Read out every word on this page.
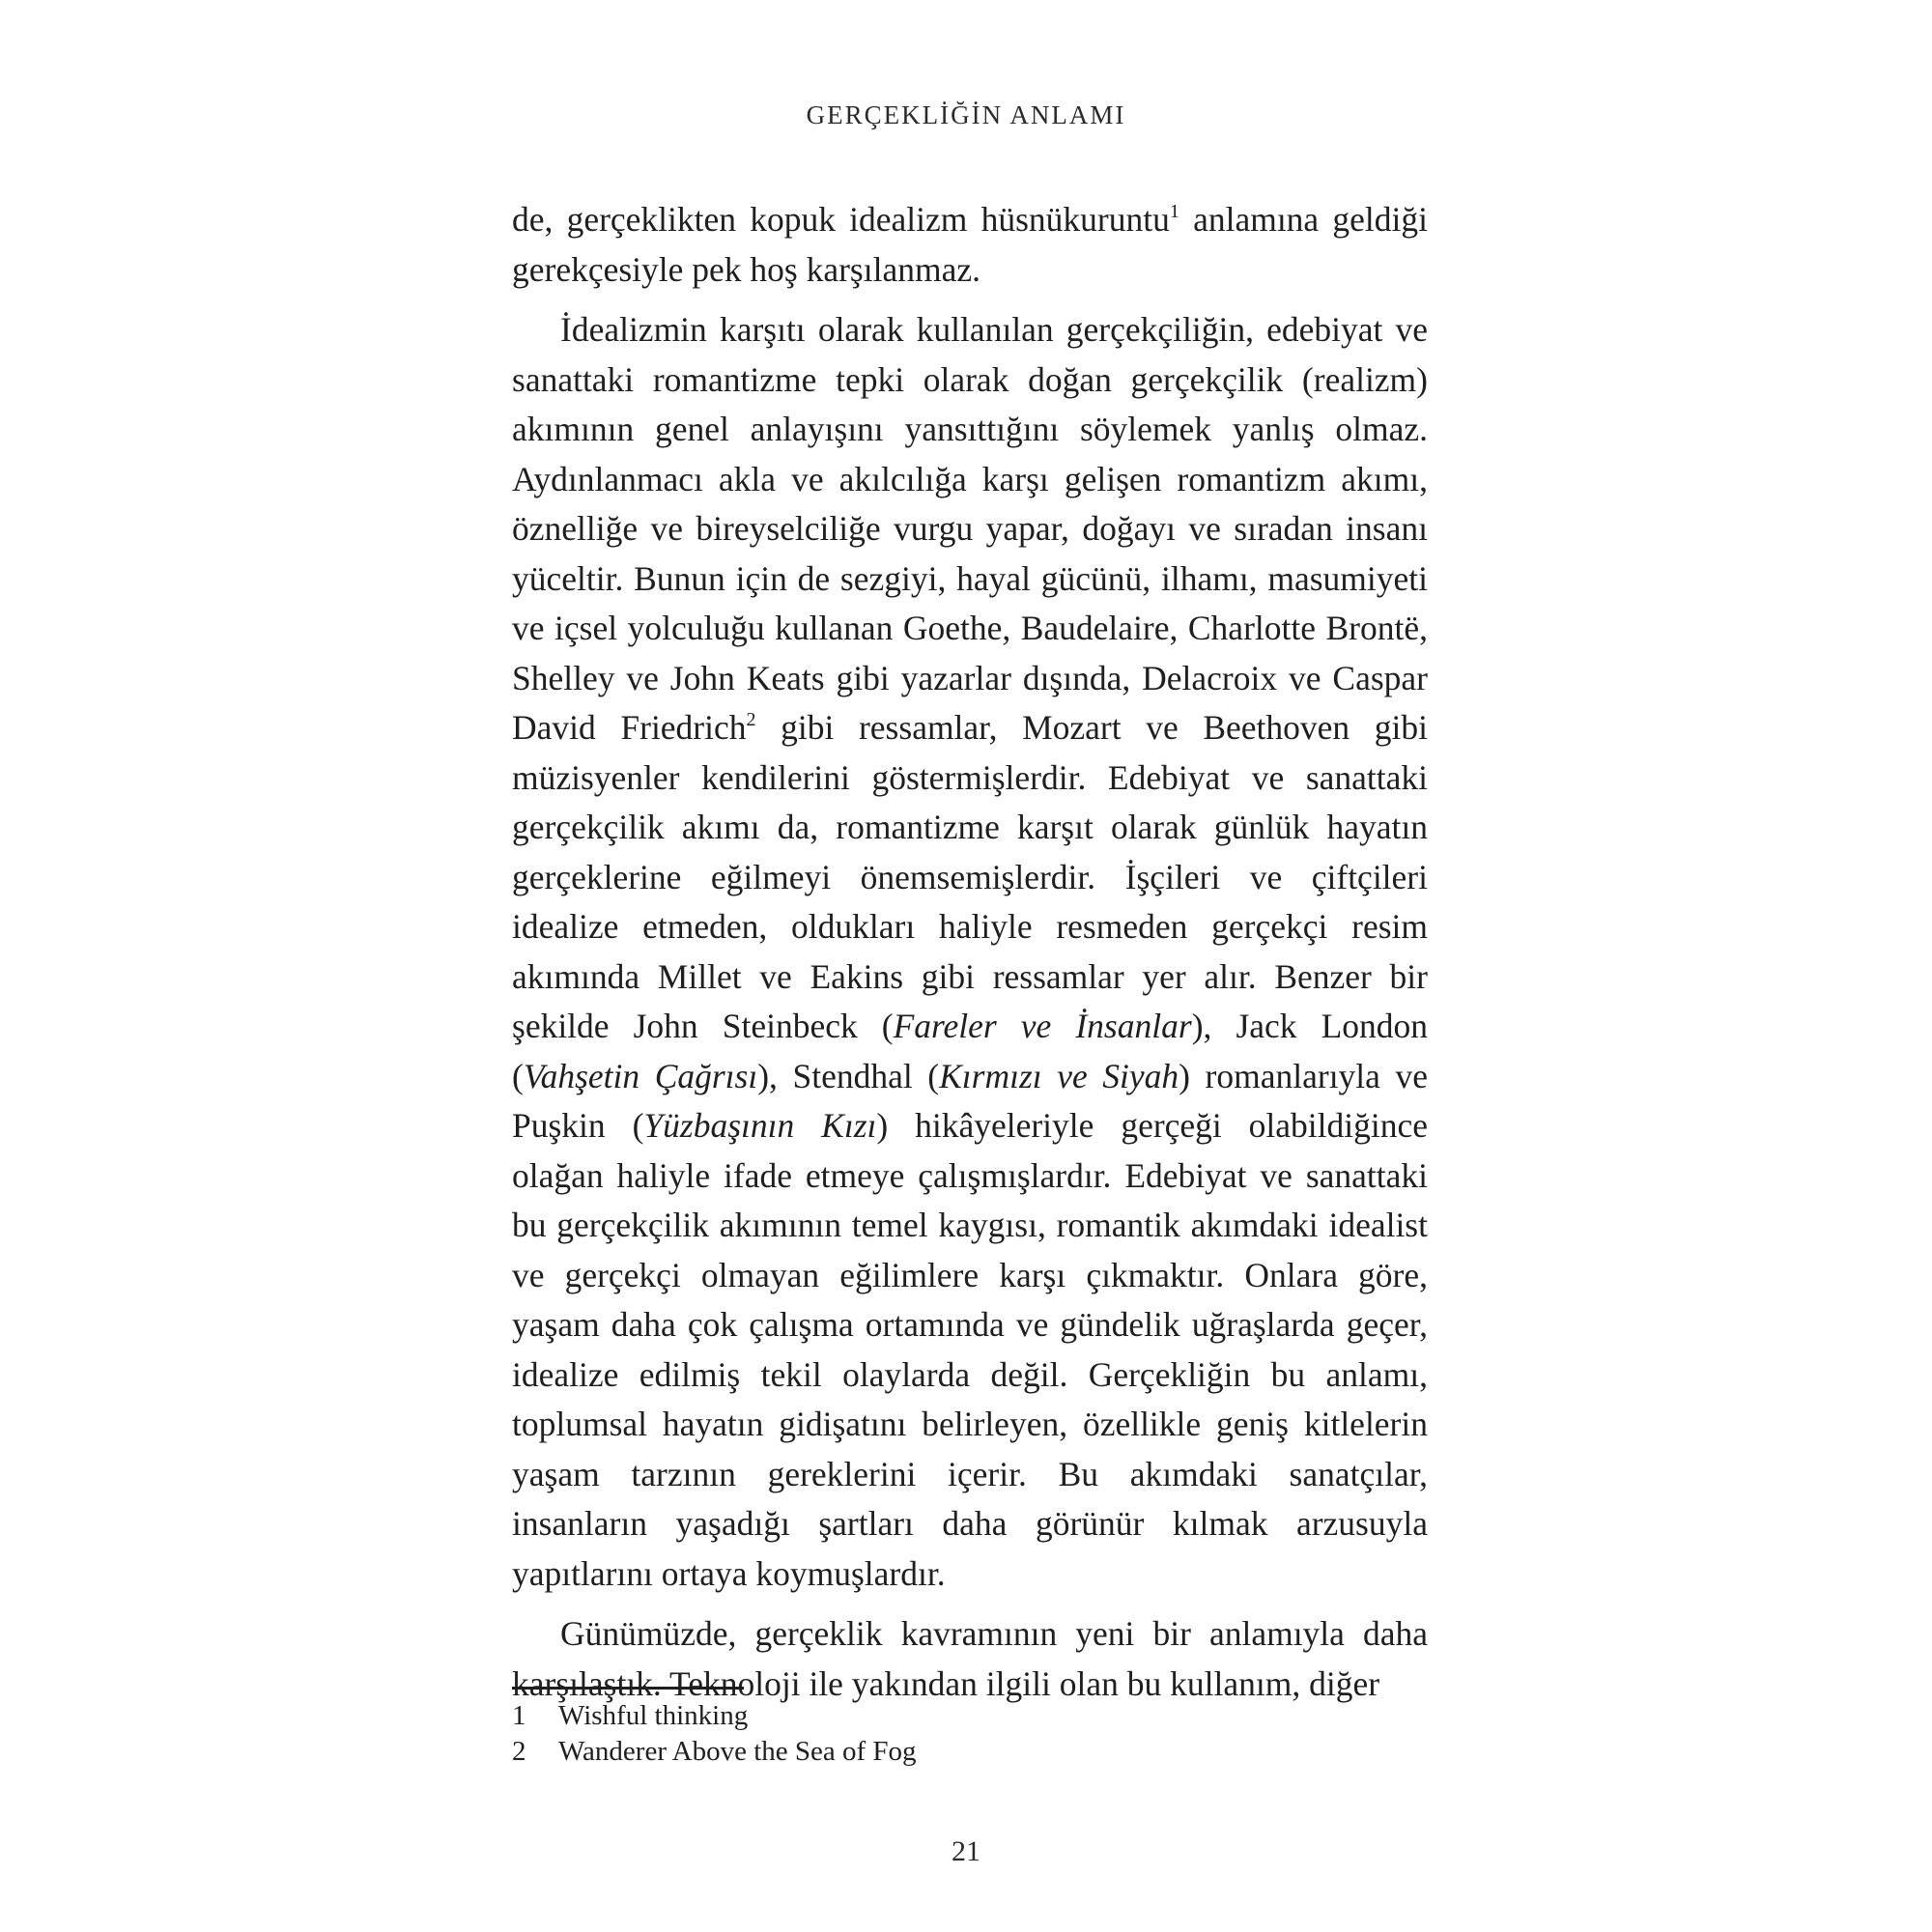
GERÇEKLİĞİN ANLAMI

de, gerçeklikten kopuk idealizm hüsnükuruntu$^1$ anlamına geldiği gerekçesiyle pek hoş karşılanmaz.

İdealizmin karşıtı olarak kullanılan gerçekçiliğin, edebiyat ve sanattaki romantizme tepki olarak doğan gerçekçilik (realizm) akımının genel anlayışını yansıttığını söylemek yanlış olmaz. Aydınlanmacı akla ve akılcılığa karşı gelişen romantizm akımı, öznelliğe ve bireyselciliğe vurgu yapar, doğayı ve sıradan insanı yüceltir. Bunun için de sezgiyi, hayal gücünü, ilhamı, masumiyeti ve içsel yolculuğu kullanan Goethe, Baudelaire, Charlotte Brontë, Shelley ve John Keats gibi yazarlar dışında, Delacroix ve Caspar David Friedrich$^2$ gibi ressamlar, Mozart ve Beethoven gibi müzisyenler kendilerini göstermişlerdir. Edebiyat ve sanattaki gerçekçilik akımı da, romantizme karşıt olarak günlük hayatın gerçeklerine eğilmeyi önemsemişlerdir. İşçileri ve çiftçileri idealize etmeden, oldukları haliyle resmeden gerçekçi resim akımında Millet ve Eakins gibi ressamlar yer alır. Benzer bir şekilde John Steinbeck (Fareler ve İnsanlar), Jack London (Vahşetin Çağrısı), Stendhal (Kırmızı ve Siyah) romanlarıyla ve Puşkin (Yüzbaşının Kızı) hikâyeleriyle gerçeği olabildiğince olağan haliyle ifade etmeye çalışmışlardır. Edebiyat ve sanattaki bu gerçekçilik akımının temel kaygısı, romantik akımdaki idealist ve gerçekçi olmayan eğilimlere karşı çıkmaktır. Onlara göre, yaşam daha çok çalışma ortamında ve gündelik uğraşlarda geçer, idealize edilmiş tekil olaylarda değil. Gerçekliğin bu anlamı, toplumsal hayatın gidişatını belirleyen, özellikle geniş kitlelerin yaşam tarzının gereklerini içerir. Bu akımdaki sanatçılar, insanların yaşadığı şartları daha görünür kılmak arzusuyla yapıtlarını ortaya koymuşlardır.

Günümüzde, gerçeklik kavramının yeni bir anlamıyla daha karşılaştık. Teknoloji ile yakından ilgili olan bu kullanım, diğer

1	Wishful thinking
2	Wanderer Above the Sea of Fog
21
